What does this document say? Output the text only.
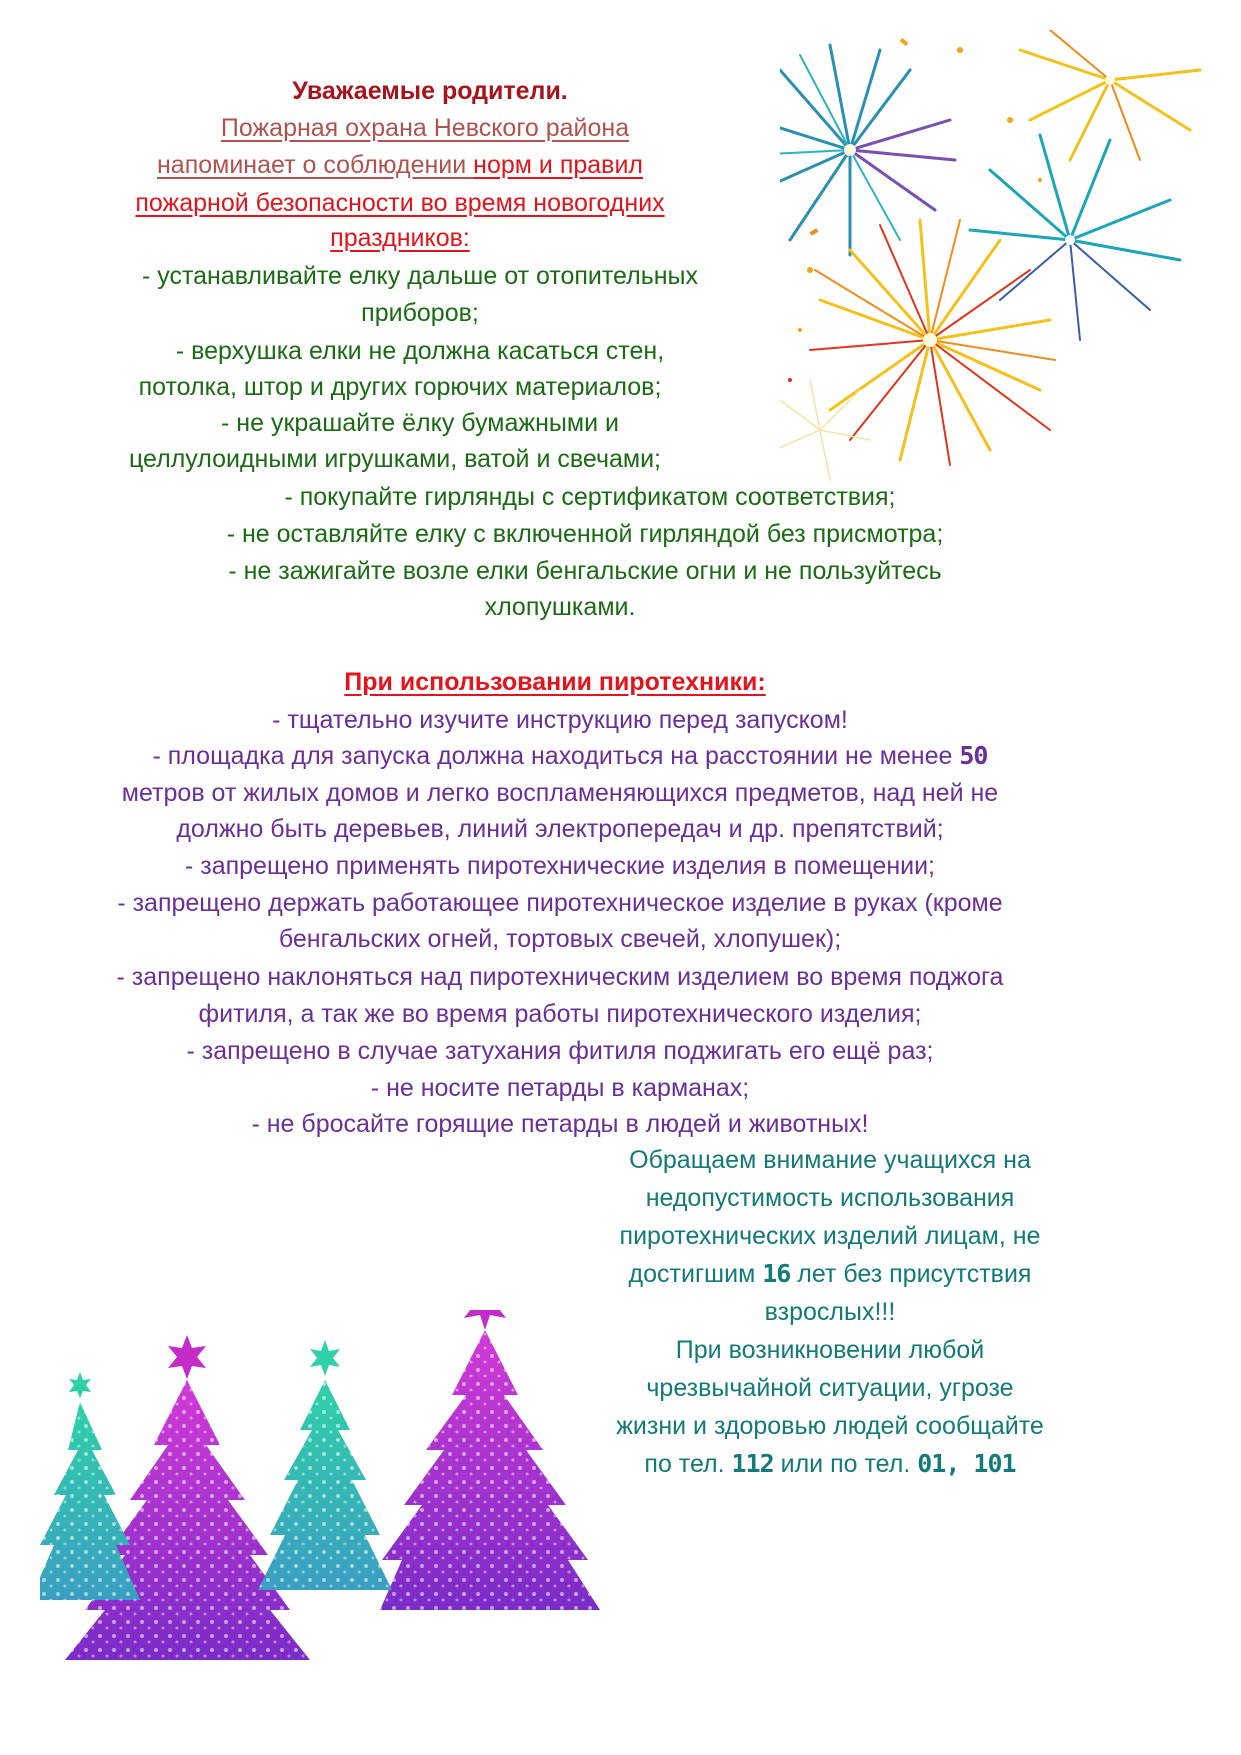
Уважаемые родители.
Пожарная охрана Невского района
напоминает о соблюдении норм и правил
пожарной безопасности во время новогодних
праздников:
- устанавливайте елку дальше от отопительных
приборов;
- верхушка елки не должна касаться стен,
потолка, штор и других горючих материалов;
- не украшайте ёлку бумажными и
целлулоидными игрушками, ватой и свечами;
- покупайте гирлянды с сертификатом соответствия;
- не оставляйте елку с включенной гирляндой без присмотра;
- не зажигайте возле елки бенгальские огни и не пользуйтесь
хлопушками.
При использовании пиротехники:
- тщательно изучите инструкцию перед запуском!
- площадка для запуска должна находиться на расстоянии не менее 50
метров от жилых домов и легко воспламеняющихся предметов, над ней не
должно быть деревьев, линий электропередач и др. препятствий;
- запрещено применять пиротехнические изделия в помещении;
- запрещено держать работающее пиротехническое изделие в руках (кроме
бенгальских огней, тортовых свечей, хлопушек);
- запрещено наклоняться над пиротехническим изделием во время поджога
фитиля, а так же во время работы пиротехнического изделия;
- запрещено в случае затухания фитиля поджигать его ещё раз;
- не носите петарды в карманах;
- не бросайте горящие петарды в людей и животных!
Обращаем внимание учащихся на
недопустимость использования
пиротехнических изделий лицам, не
достигшим 16 лет без присутствия
взрослых!!!
При возникновении любой
чрезвычайной ситуации, угрозе
жизни и здоровью людей сообщайте
по тел. 112 или по тел. 01, 101
